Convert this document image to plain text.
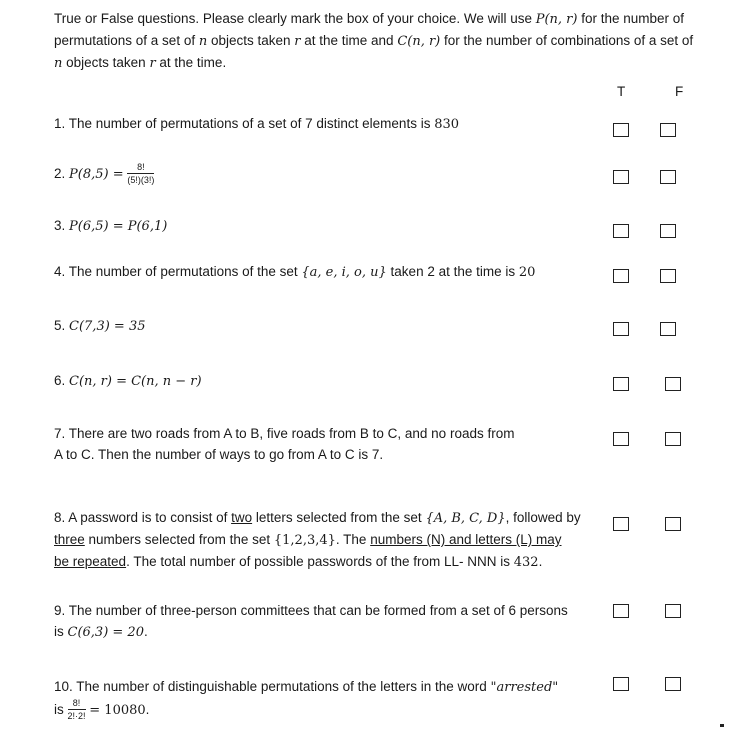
True or False questions. Please clearly mark the box of your choice. We will use P(n, r) for the number of permutations of a set of n objects taken r at the time and C(n, r) for the number of combinations of a set of n objects taken r at the time.
T	F
1. The number of permutations of a set of 7 distinct elements is 830
2. $P(8,5) = \frac{8!}{(5!)(3!)}$
3. P(6,5) = P(6,1)
4. The number of permutations of the set {a, e, i, o, u} taken 2 at the time is 20
5. C(7,3) = 35
6. C(n, r) = C(n, n − r)
7. There are two roads from A to B, five roads from B to C, and no roads from
A to C. Then the number of ways to go from A to C is 7.
8. A password is to consist of two letters selected from the set {A, B, C, D}, followed by
three numbers selected from the set {1,2,3,4}. The numbers (N) and letters (L) may
be repeated. The total number of possible passwords of the from LL- NNN is 432.
9. The number of three-person committees that can be formed from a set of 6 persons
is C(6,3) = 20.
10. The number of distinguishable permutations of the letters in the word "arrested"
is $\frac{8!}{2!\cdot 2!} = 10080$.
